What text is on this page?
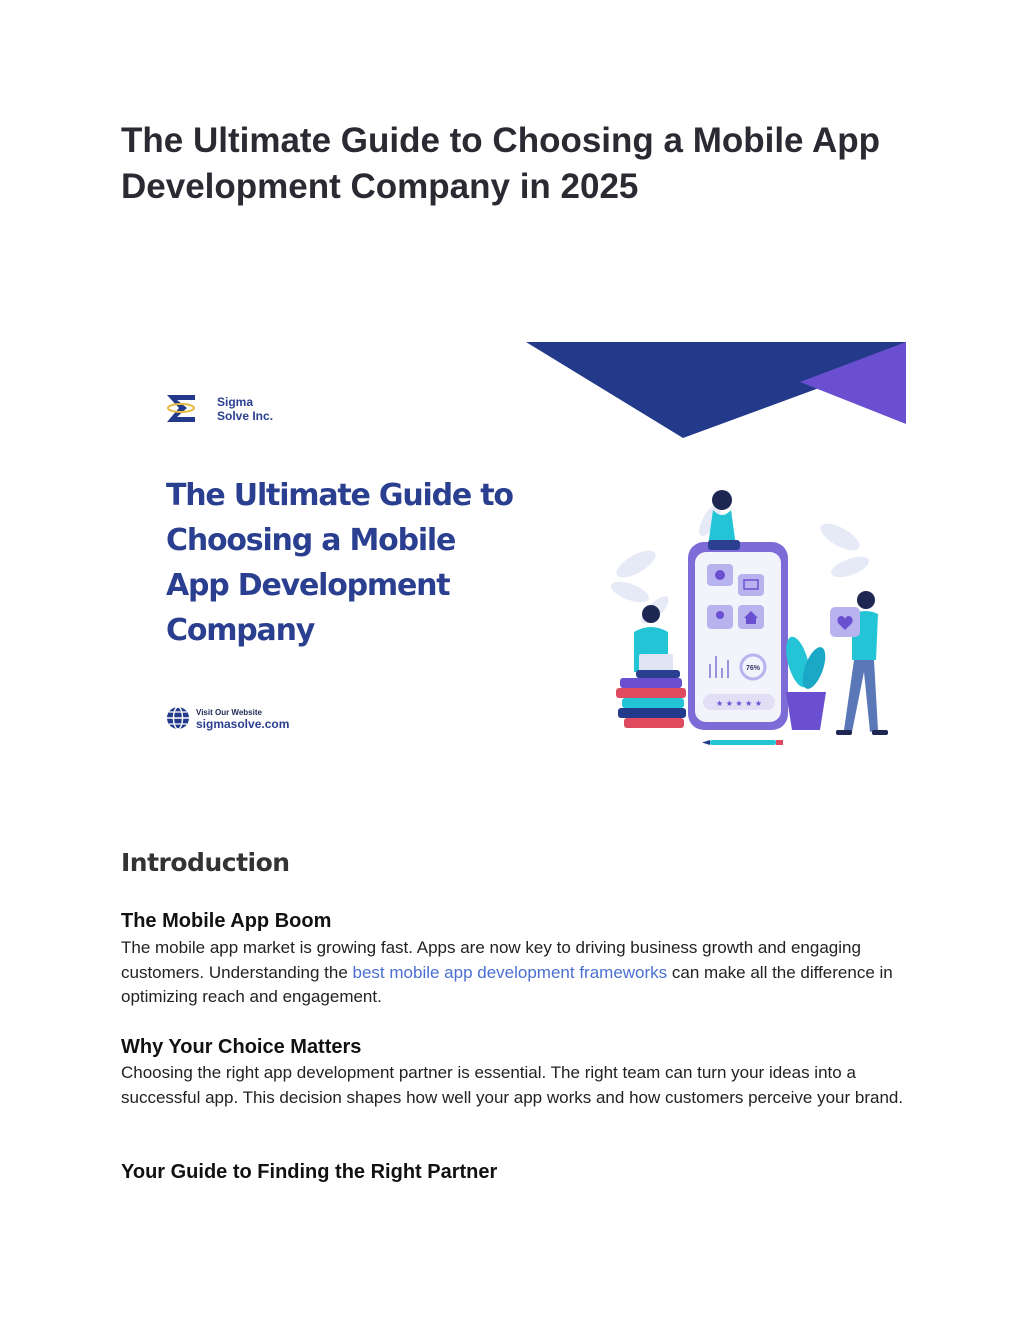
The Ultimate Guide to Choosing a Mobile App
Development Company in 2025
Sigma
Solve Inc.
The Ultimate Guide to
Choosing a Mobile
App Development
Company
Visit Our Website
sigmasolve.com
76%
★ ★ ★ ★ ★
Introduction
The Mobile App Boom

The mobile app market is growing fast. Apps are now key to driving business growth and engaging customers. Understanding the best mobile app development frameworks can make all the difference in optimizing reach and engagement.

Why Your Choice Matters

Choosing the right app development partner is essential. The right team can turn your ideas into a successful app. This decision shapes how well your app works and how customers perceive your brand.

Your Guide to Finding the Right Partner
